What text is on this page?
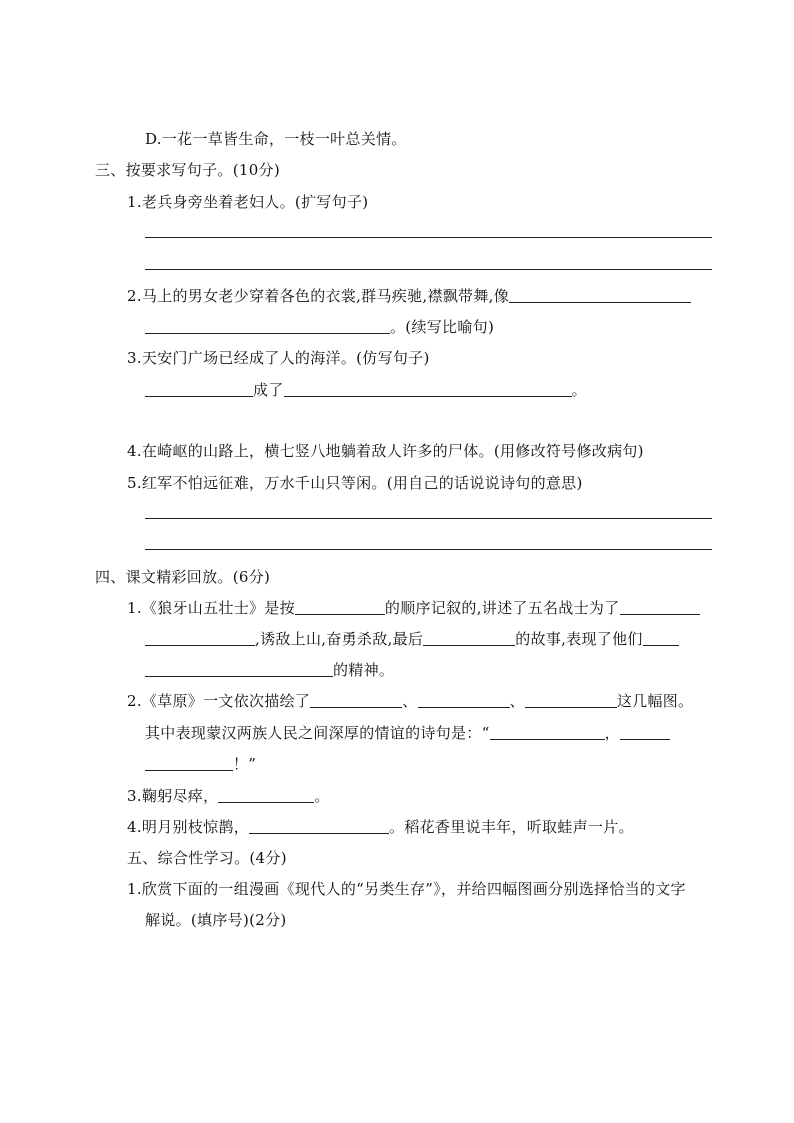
D.一花一草皆生命，一枝一叶总关情。
三、按要求写句子。(10分)
1.老兵身旁坐着老妇人。(扩写句子)
2.马上的男女老少穿着各色的衣裳,群马疾驰,襟飘带舞,像
。(续写比喻句)
3.天安门广场已经成了人的海洋。(仿写句子)
成了	。
4.在崎岖的山路上，横七竖八地躺着敌人许多的尸体。(用修改符号修改病句)
5.红军不怕远征难，万水千山只等闲。(用自己的话说说诗句的意思)
四、课文精彩回放。(6分)
1.《狼牙山五壮士》是按	的顺序记叙的,讲述了五名战士为了
,诱敌上山,奋勇杀敌,最后	的故事,表现了他们
的精神。
2.《草原》一文依次描绘了	、	、	这几幅图。
其中表现蒙汉两族人民之间深厚的情谊的诗句是：“	，
！”
3.鞠躬尽瘁，	。
4.明月别枝惊鹊，	。稻花香里说丰年，听取蛙声一片。
五、综合性学习。(4分)
1.欣赏下面的一组漫画《现代人的“另类生存”》，并给四幅图画分别选择恰当的文字
解说。(填序号)(2分)
